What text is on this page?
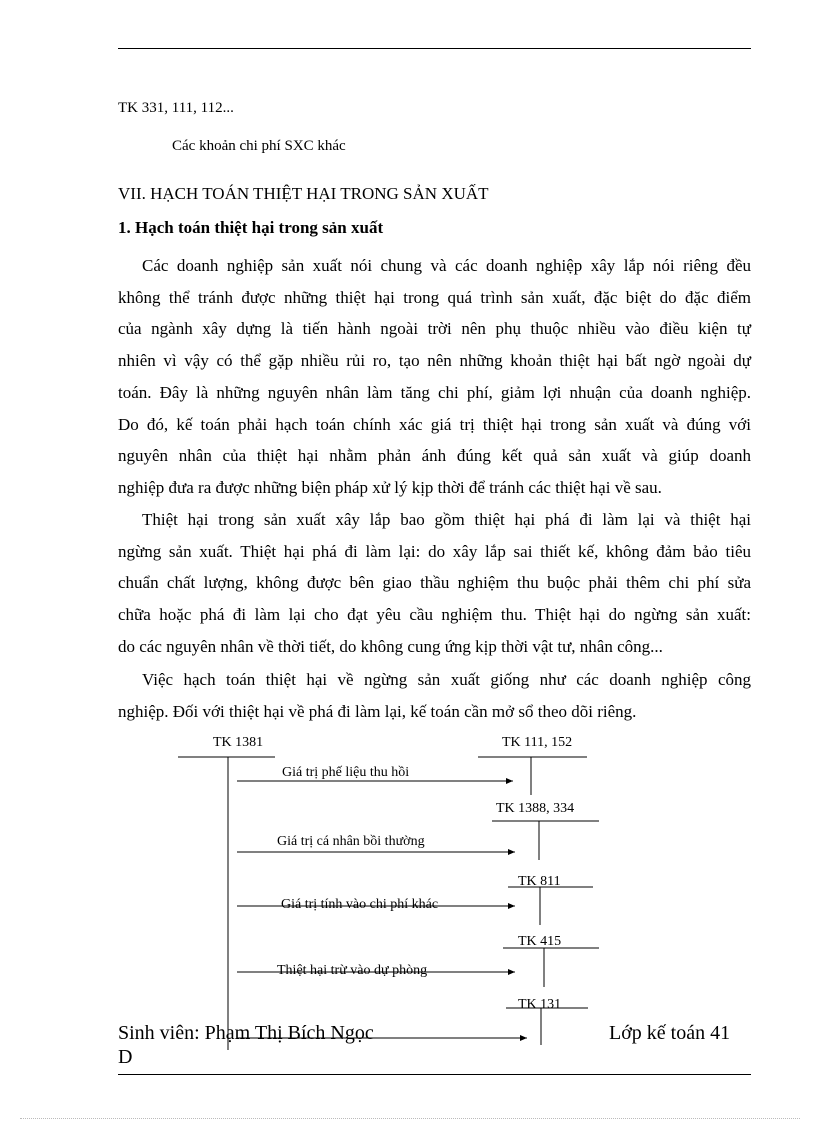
TK 331, 111, 112...
Các khoản chi phí SXC khác
VII. HẠCH TOÁN THIỆT HẠI TRONG SẢN XUẤT
1. Hạch toán thiệt hại trong sản xuất
Các doanh nghiệp sản xuất nói chung và các doanh nghiệp xây lắp nói riêng đều
không thể tránh được những thiệt hại trong quá trình sản xuất, đặc biệt do đặc điểm
của ngành xây dựng là tiến hành ngoài trời nên phụ thuộc nhiều vào điều kiện tự
nhiên vì vậy có thể gặp nhiều rủi ro, tạo nên những khoản thiệt hại bất ngờ ngoài dự
toán. Đây là những nguyên nhân làm tăng chi phí, giảm lợi nhuận của doanh nghiệp.
Do đó, kế toán phải hạch toán chính xác giá trị thiệt hại trong sản xuất và đúng với
nguyên nhân của thiệt hại nhằm phản ánh đúng kết quả sản xuất và giúp doanh
nghiệp đưa ra được những biện pháp xử lý kịp thời để tránh các thiệt hại về sau.
Thiệt hại trong sản xuất xây lắp bao gồm thiệt hại phá đi làm lại và thiệt hại
ngừng sản xuất. Thiệt hại phá đi làm lại: do xây lắp sai thiết kế, không đảm bảo tiêu
chuẩn chất lượng, không được bên giao thầu nghiệm thu buộc phải thêm chi phí sửa
chữa hoặc phá đi làm lại cho đạt yêu cầu nghiệm thu. Thiệt hại do ngừng sản xuất:
do các nguyên nhân về thời tiết, do không cung ứng kịp thời vật tư, nhân công...
Việc hạch toán thiệt hại về ngừng sản xuất giống như các doanh nghiệp công
nghiệp. Đối với thiệt hại về phá đi làm lại, kế toán cần mở sổ theo dõi riêng.
TK 1381	TK 111, 152
Giá trị phế liệu thu hồi
TK 1388, 334
Giá trị cá nhân bồi thường
TK 811
Giá trị tính vào chi phí khác
TK 415
Thiệt hại trừ vào dự phòng
TK 131
Sinh viên: Phạm Thị Bích Ngọc	Lớp kế toán 41
D
